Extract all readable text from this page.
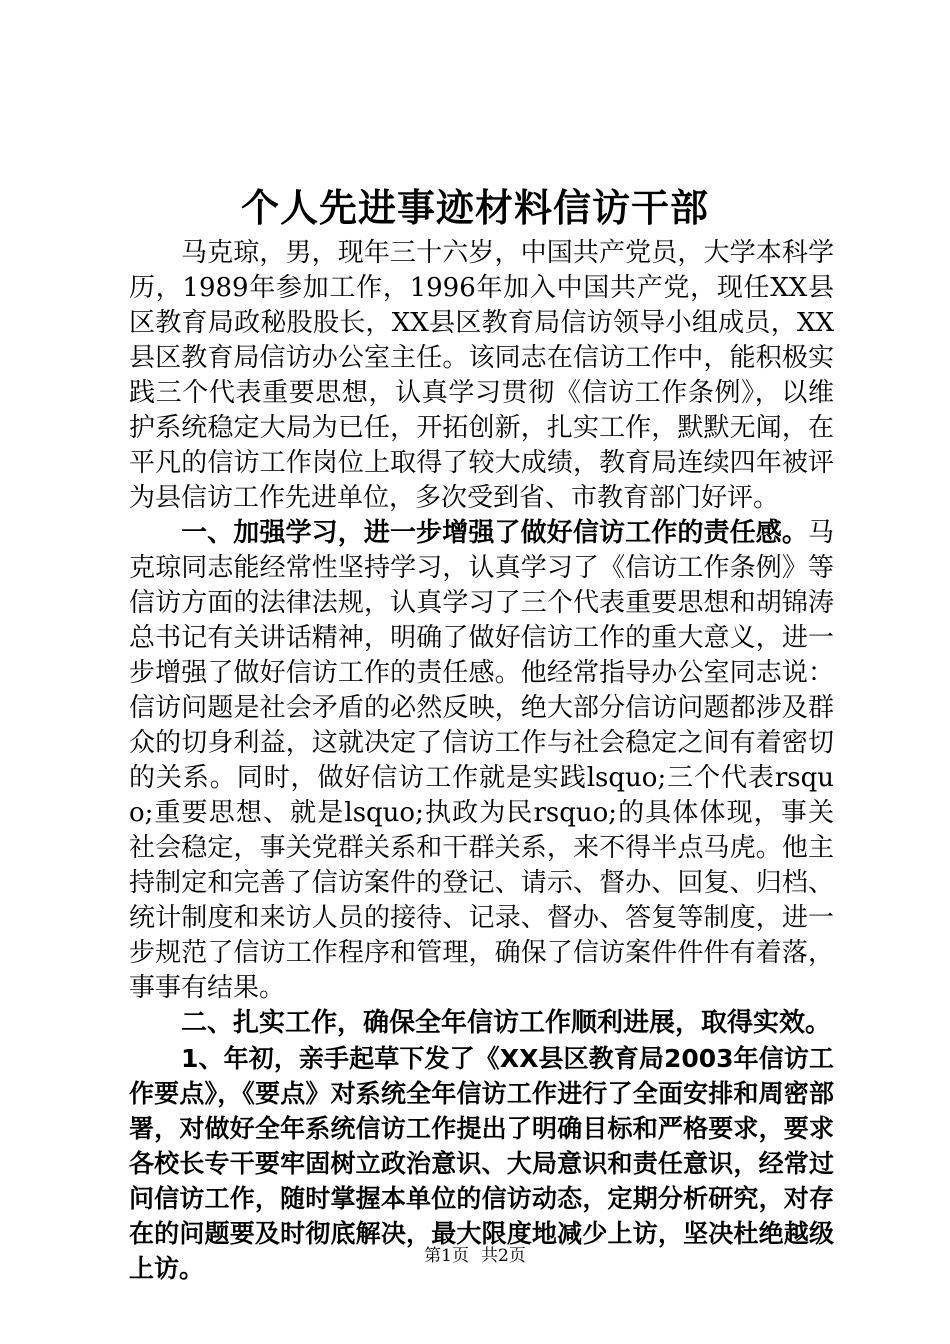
个人先进事迹材料信访干部

马克琼，男，现年三十六岁，中国共产党员，大学本科学历，1989年参加工作，1996年加入中国共产党，现任XX县区教育局政秘股股长，XX县区教育局信访领导小组成员，XX县区教育局信访办公室主任。该同志在信访工作中，能积极实践三个代表重要思想，认真学习贯彻《信访工作条例》，以维护系统稳定大局为已任，开拓创新，扎实工作，默默无闻，在平凡的信访工作岗位上取得了较大成绩，教育局连续四年被评为县信访工作先进单位，多次受到省、市教育部门好评。

一、加强学习，进一步增强了做好信访工作的责任感。马克琼同志能经常性坚持学习，认真学习了《信访工作条例》等信访方面的法律法规，认真学习了三个代表重要思想和胡锦涛总书记有关讲话精神，明确了做好信访工作的重大意义，进一步增强了做好信访工作的责任感。他经常指导办公室同志说：信访问题是社会矛盾的必然反映，绝大部分信访问题都涉及群众的切身利益，这就决定了信访工作与社会稳定之间有着密切的关系。同时，做好信访工作就是实践lsquo;三个代表rsquo;重要思想、就是lsquo;执政为民rsquo;的具体体现，事关社会稳定，事关党群关系和干群关系，来不得半点马虎。他主持制定和完善了信访案件的登记、请示、督办、回复、归档、统计制度和来访人员的接待、记录、督办、答复等制度，进一步规范了信访工作程序和管理，确保了信访案件件件有着落，事事有结果。

二、扎实工作，确保全年信访工作顺利进展，取得实效。

1、年初，亲手起草下发了《XX县区教育局2003年信访工作要点》，《要点》对系统全年信访工作进行了全面安排和周密部署，对做好全年系统信访工作提出了明确目标和严格要求，要求各校长专干要牢固树立政治意识、大局意识和责任意识，经常过问信访工作，随时掌握本单位的信访动态，定期分析研究，对存在的问题要及时彻底解决，最大限度地减少上访，坚决杜绝越级上访。	第1页 共2页
